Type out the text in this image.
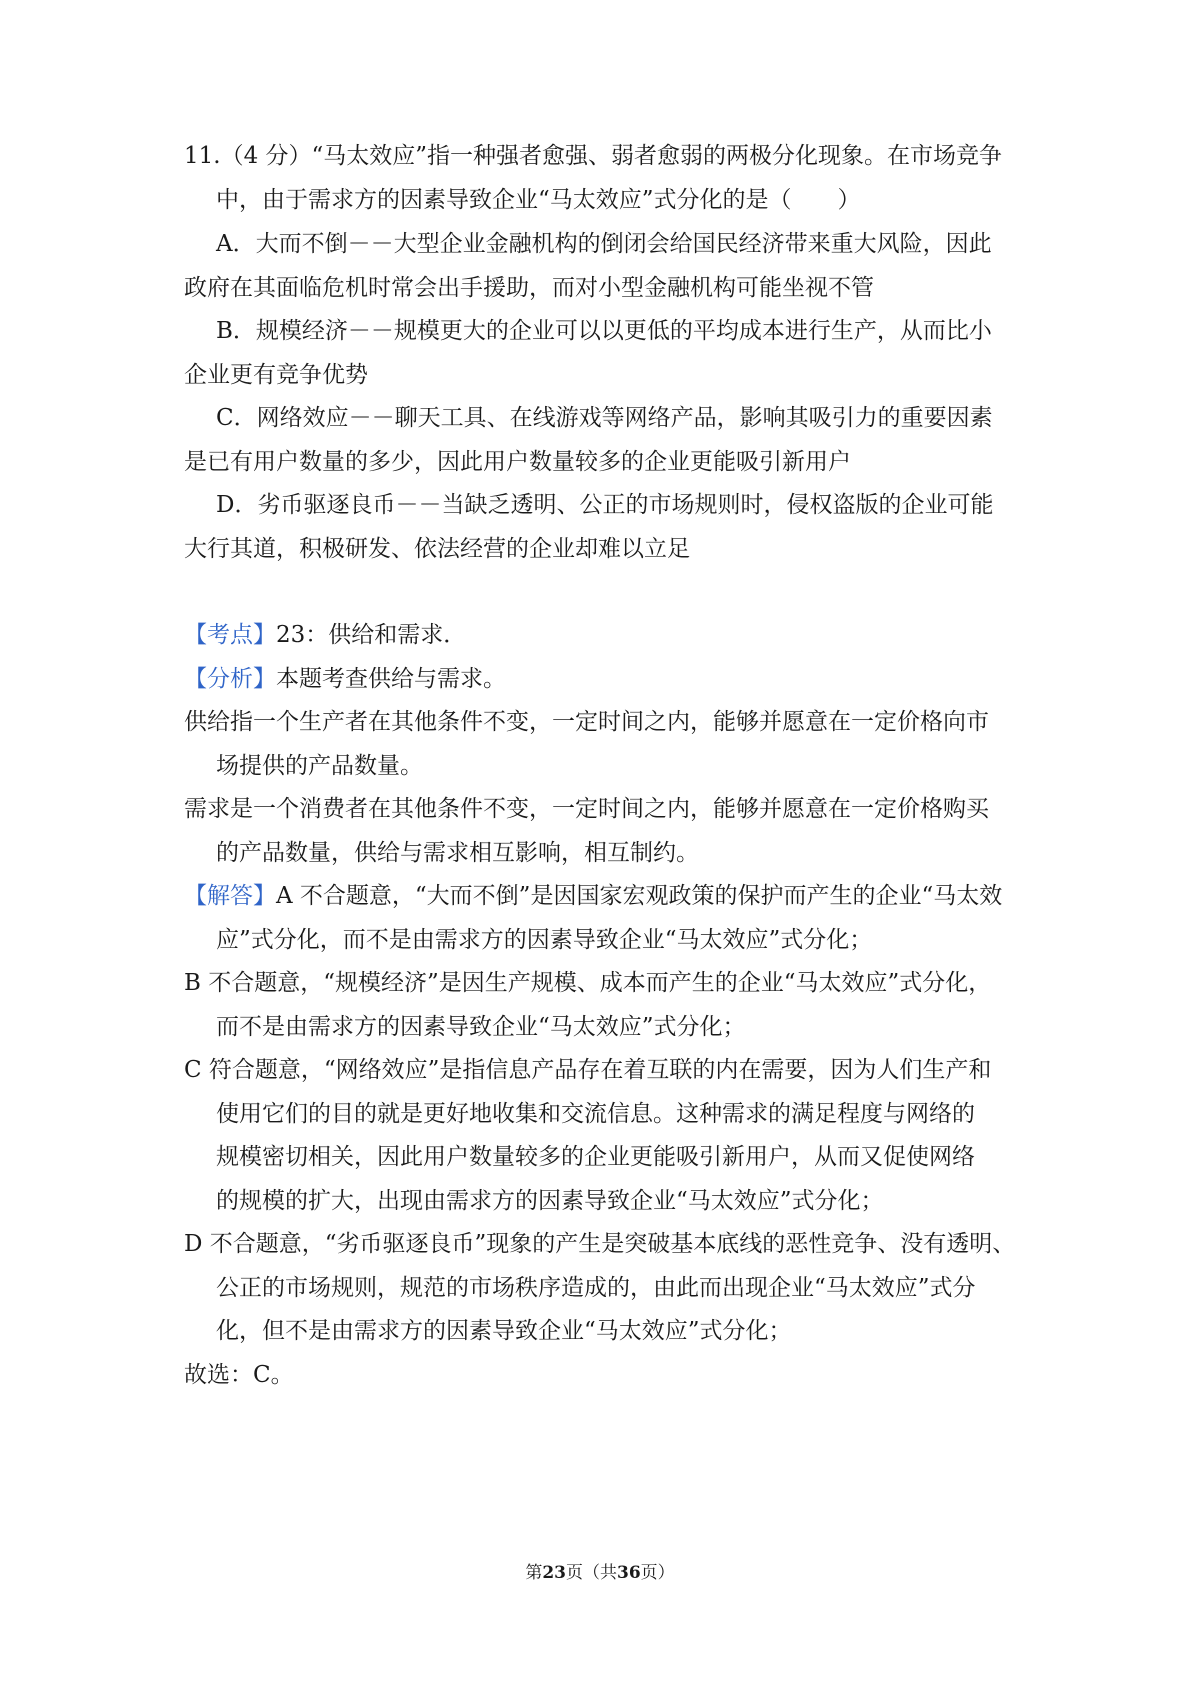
11.（4 分）“马太效应”指一种强者愈强、弱者愈弱的两极分化现象。在市场竞争
中，由于需求方的因素导致企业“马太效应”式分化的是（　　）
A．大而不倒－－大型企业金融机构的倒闭会给国民经济带来重大风险，因此
政府在其面临危机时常会出手援助，而对小型金融机构可能坐视不管
B．规模经济－－规模更大的企业可以以更低的平均成本进行生产，从而比小
企业更有竞争优势
C．网络效应－－聊天工具、在线游戏等网络产品，影响其吸引力的重要因素
是已有用户数量的多少，因此用户数量较多的企业更能吸引新用户
D．劣币驱逐良币－－当缺乏透明、公正的市场规则时，侵权盗版的企业可能
大行其道，积极研发、依法经营的企业却难以立足
【考点】23：供给和需求．
【分析】本题考查供给与需求。
供给指一个生产者在其他条件不变，一定时间之内，能够并愿意在一定价格向市
场提供的产品数量。
需求是一个消费者在其他条件不变，一定时间之内，能够并愿意在一定价格购买
的产品数量，供给与需求相互影响，相互制约。
【解答】A 不合题意，“大而不倒”是因国家宏观政策的保护而产生的企业“马太效
应”式分化，而不是由需求方的因素导致企业“马太效应”式分化；
B 不合题意，“规模经济”是因生产规模、成本而产生的企业“马太效应”式分化，
而不是由需求方的因素导致企业“马太效应”式分化；
C 符合题意，“网络效应”是指信息产品存在着互联的内在需要，因为人们生产和
使用它们的目的就是更好地收集和交流信息。这种需求的满足程度与网络的
规模密切相关，因此用户数量较多的企业更能吸引新用户，从而又促使网络
的规模的扩大，出现由需求方的因素导致企业“马太效应”式分化；
D 不合题意，“劣币驱逐良币”现象的产生是突破基本底线的恶性竞争、没有透明、
公正的市场规则，规范的市场秩序造成的，由此而出现企业“马太效应”式分
化，但不是由需求方的因素导致企业“马太效应”式分化；
故选：C。
第23页（共36页）
